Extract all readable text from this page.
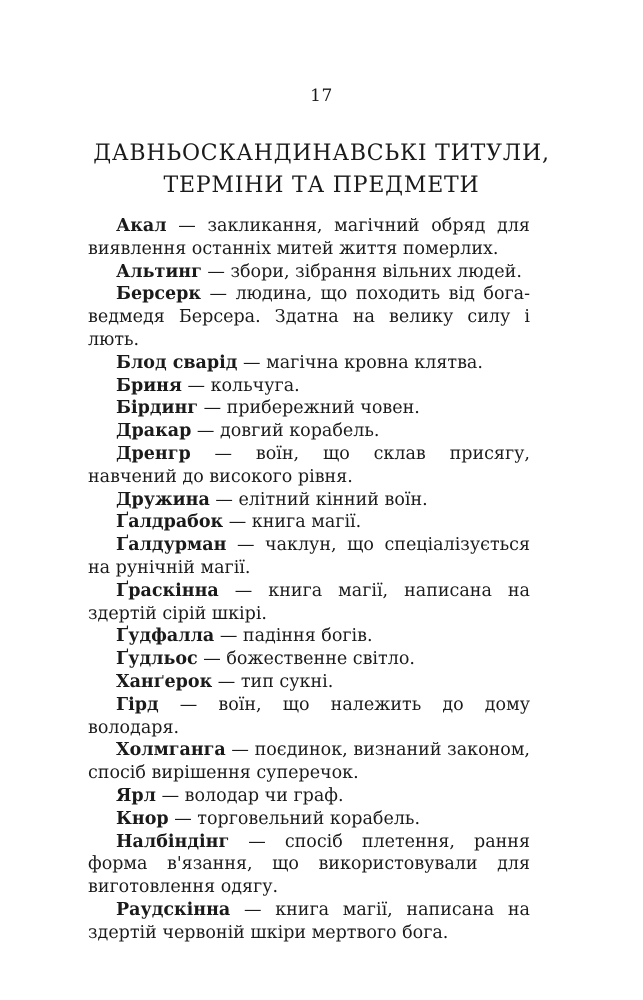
17
ДАВНЬОСКАНДИНАВСЬКІ ТИТУЛИ,
ТЕРМІНИ ТА ПРЕДМЕТИ

Акал — закликання, магічний обряд для виявлення останніх митей життя померлих.

Альтинг — збори, зібрання вільних людей.

Берсерк — людина, що походить від бога-ведмедя Берсера. Здатна на велику силу і лють.

Блод сварід — магічна кровна клятва.

Бриня — кольчуга.

Бірдинг — прибережний човен.

Дракар — довгий корабель.

Дренгр — воїн, що склав присягу, навчений до високого рівня.

Дружина — елітний кінний воїн.

Ґалдрабок — книга магії.

Ґалдурман — чаклун, що спеціалізується на рунічній магії.

Ґраскінна — книга магії, написана на здертій сірій шкірі.

Ґудфалла — падіння богів.

Ґудльос — божественне світло.

Ханґерок — тип сукні.

Гірд — воїн, що належить до дому володаря.

Холмганга — поєдинок, визнаний законом, спосіб вирішення суперечок.

Ярл — володар чи граф.

Кнор — торговельний корабель.

Налбіндінг — спосіб плетення, рання форма в'язання, що використовували для виготовлення одягу.

Раудскінна — книга магії, написана на здертій червоній шкіри мертвого бога.
